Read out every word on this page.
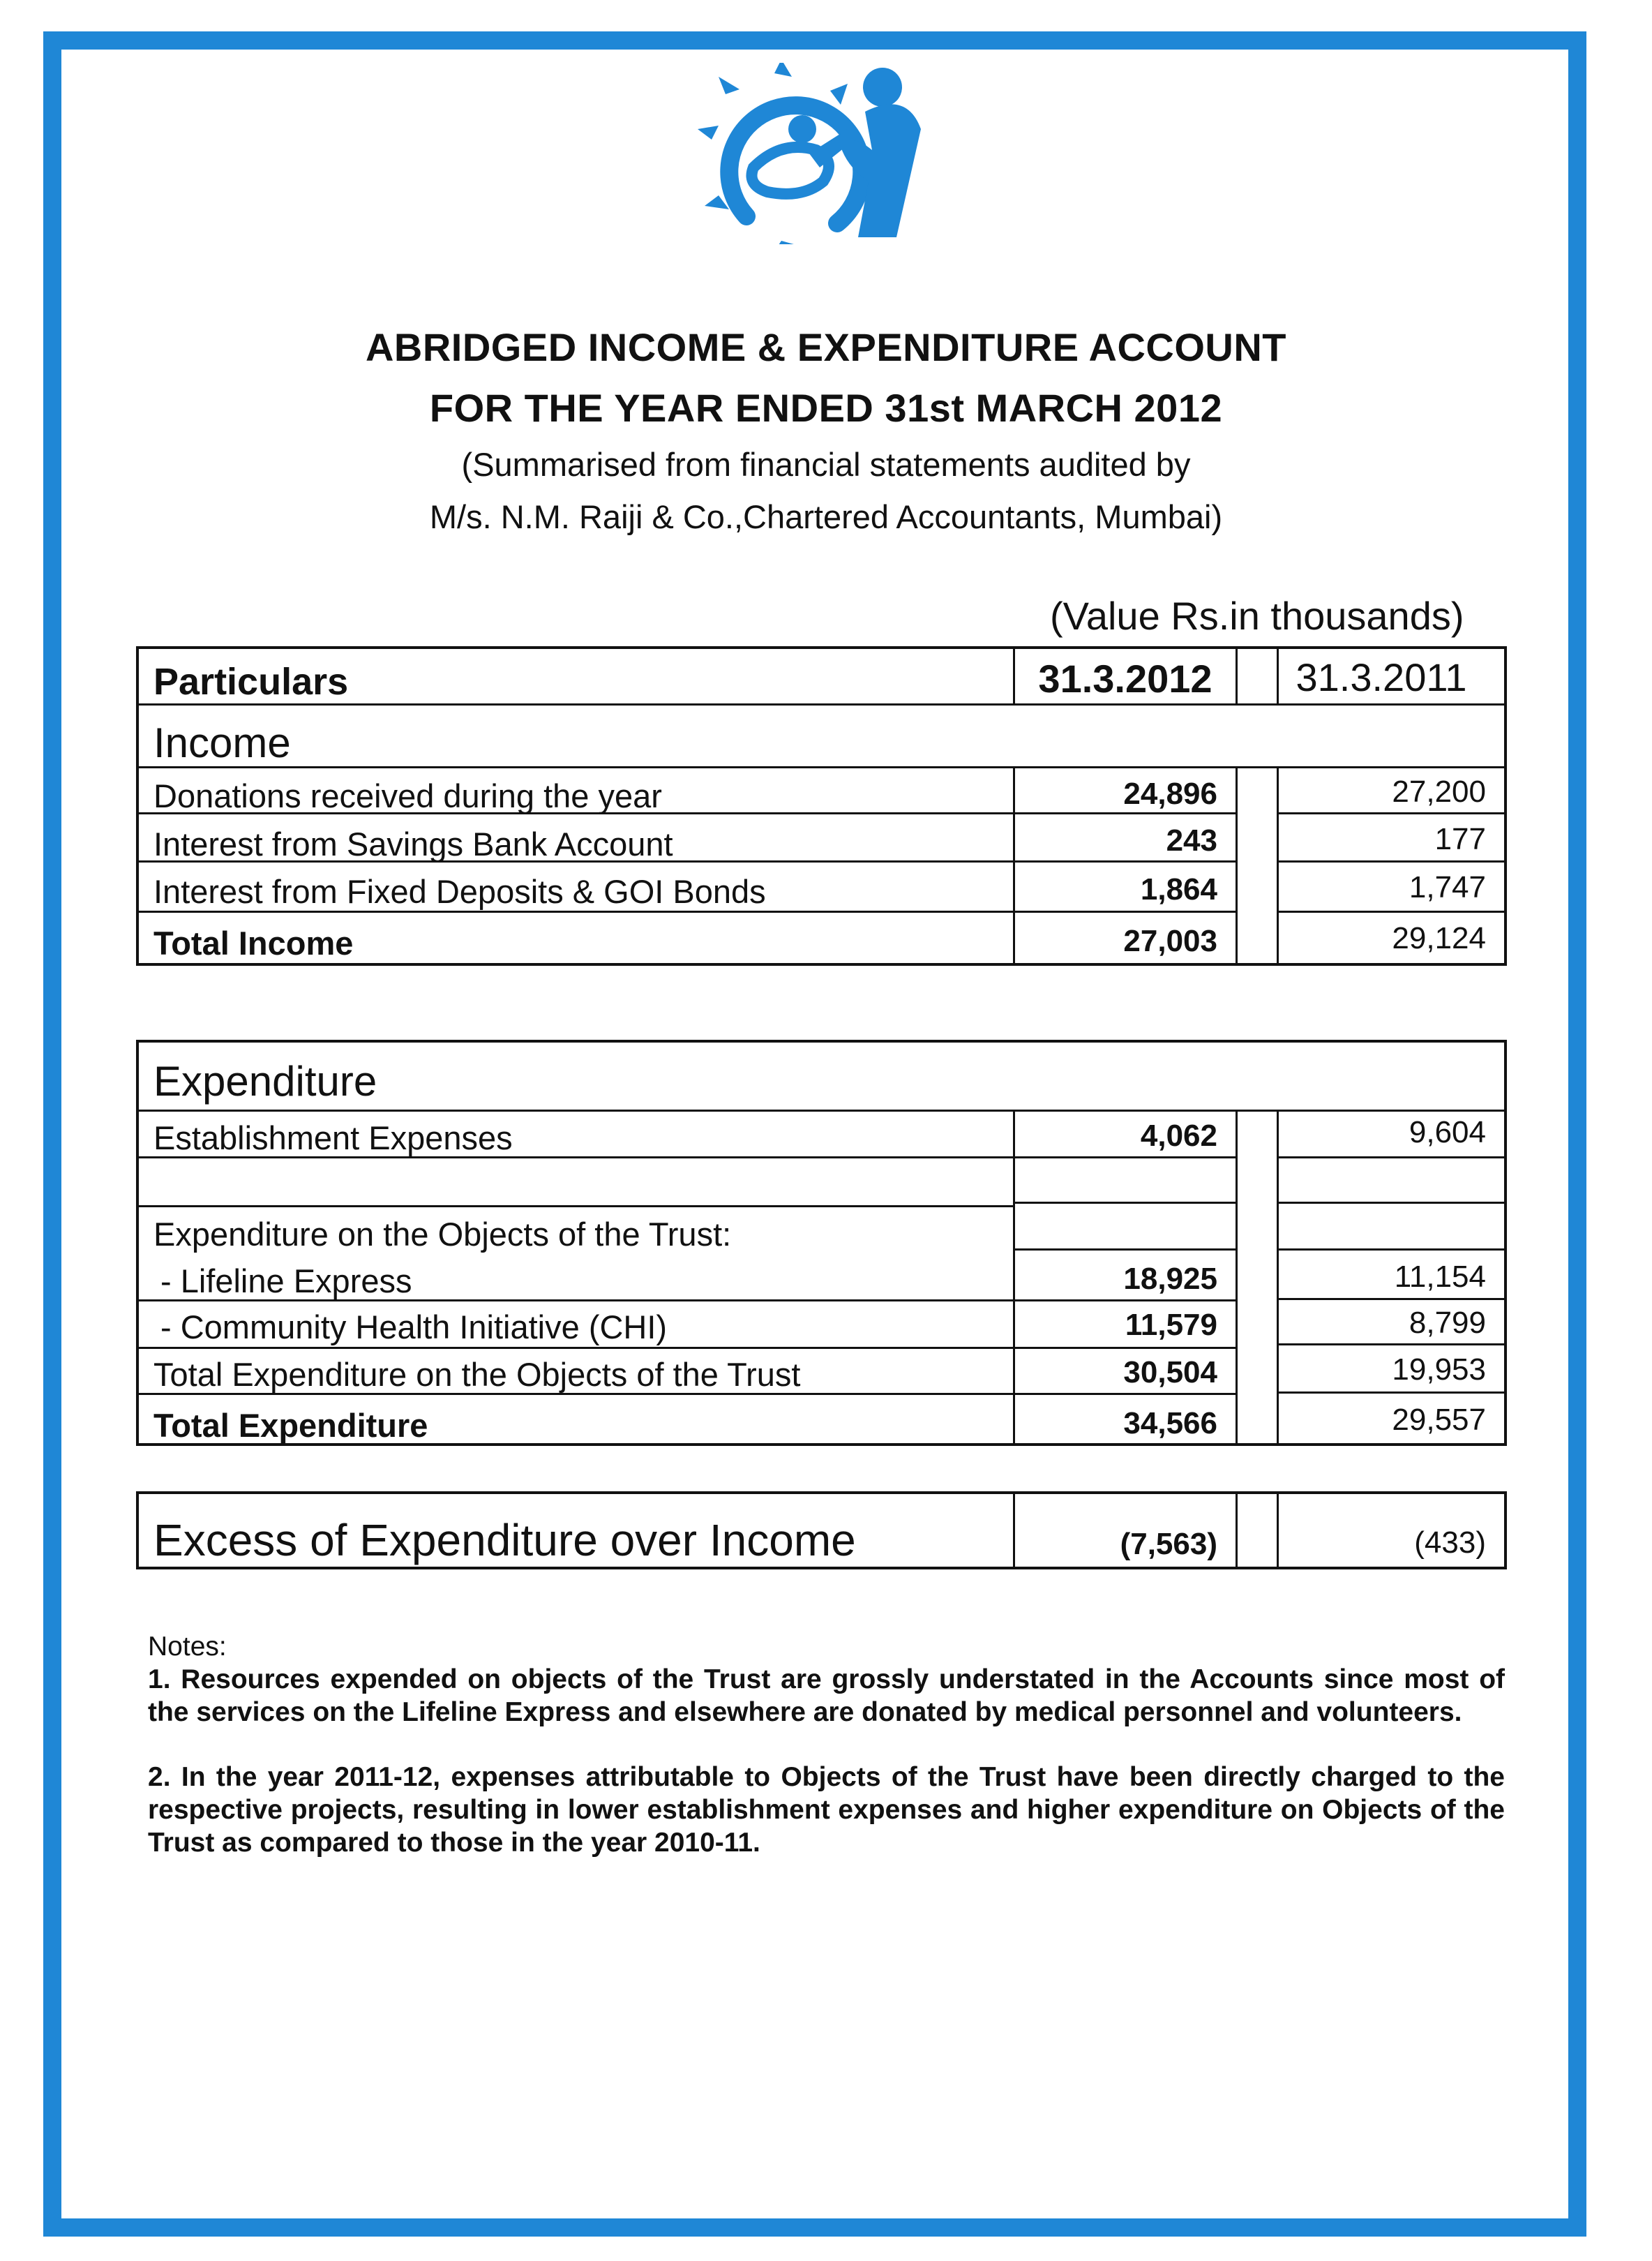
ABRIDGED INCOME & EXPENDITURE ACCOUNT
FOR THE YEAR ENDED 31st MARCH 2012
(Summarised from financial statements audited by
M/s. N.M. Raiji & Co.,Chartered Accountants, Mumbai)
(Value Rs.in thousands)
Particulars	31.3.2012	31.3.2011
Income
Donations received during the year	24,896	27,200
Interest from Savings Bank Account	243	177
Interest from Fixed Deposits & GOI Bonds	1,864	1,747
Total Income	27,003	29,124
Expenditure
Establishment Expenses	4,062	9,604
Expenditure on the Objects of the Trust:
- Lifeline Express	18,925	11,154
- Community Health Initiative (CHI)	11,579	8,799
Total Expenditure on the Objects of the Trust	30,504	19,953
Total Expenditure	34,566	29,557
Excess of Expenditure over Income	(7,563)	(433)
Notes:

1. Resources expended on objects of the Trust are grossly understated in the Accounts since most of the services on the Lifeline Express and elsewhere are donated by medical personnel and volunteers.

2. In the year 2011-12, expenses attributable to Objects of the Trust have been directly charged to the respective projects, resulting in lower establishment expenses and higher expenditure on Objects of the Trust as compared to those in the year 2010-11.
